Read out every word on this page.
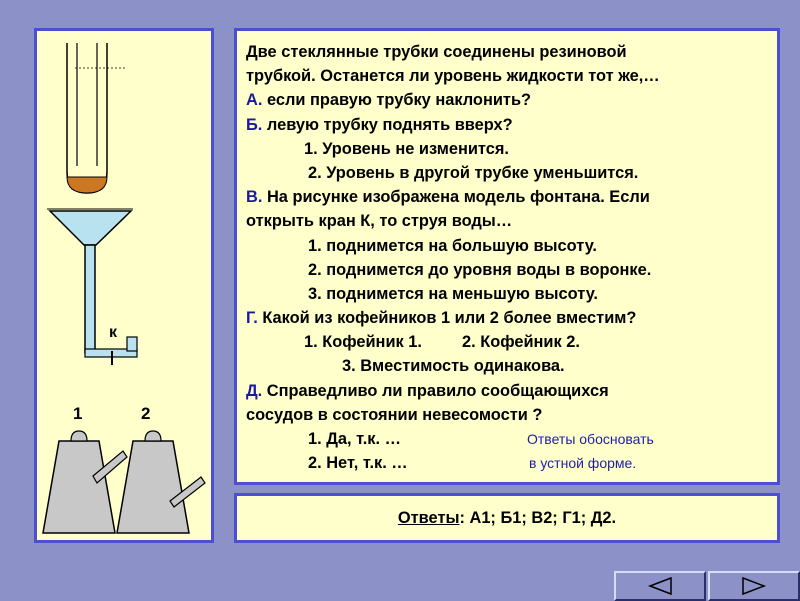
к
1	2
Две стеклянные трубки соединены резиновой
трубкой. Останется ли уровень жидкости тот же,…
А. если правую трубку наклонить?
Б. левую трубку поднять вверх?
1. Уровень не изменится.
2. Уровень в другой трубке уменьшится.
В. На рисунке изображена модель фонтана. Если
открыть кран К, то струя воды…
1. поднимется на большую высоту.
2. поднимется до уровня воды в воронке.
3. поднимется на меньшую высоту.
Г. Какой из кофейников 1 или 2 более вместим?
1. Кофейник 1. 2. Кофейник 2.
3. Вместимость одинакова.
Д. Справедливо ли правило сообщающихся
сосудов в состоянии невесомости ?
1. Да, т.к. …
2. Нет, т.к. …
Ответы обосновать
в устной форме.
Ответы: А1; Б1; В2; Г1; Д2.
